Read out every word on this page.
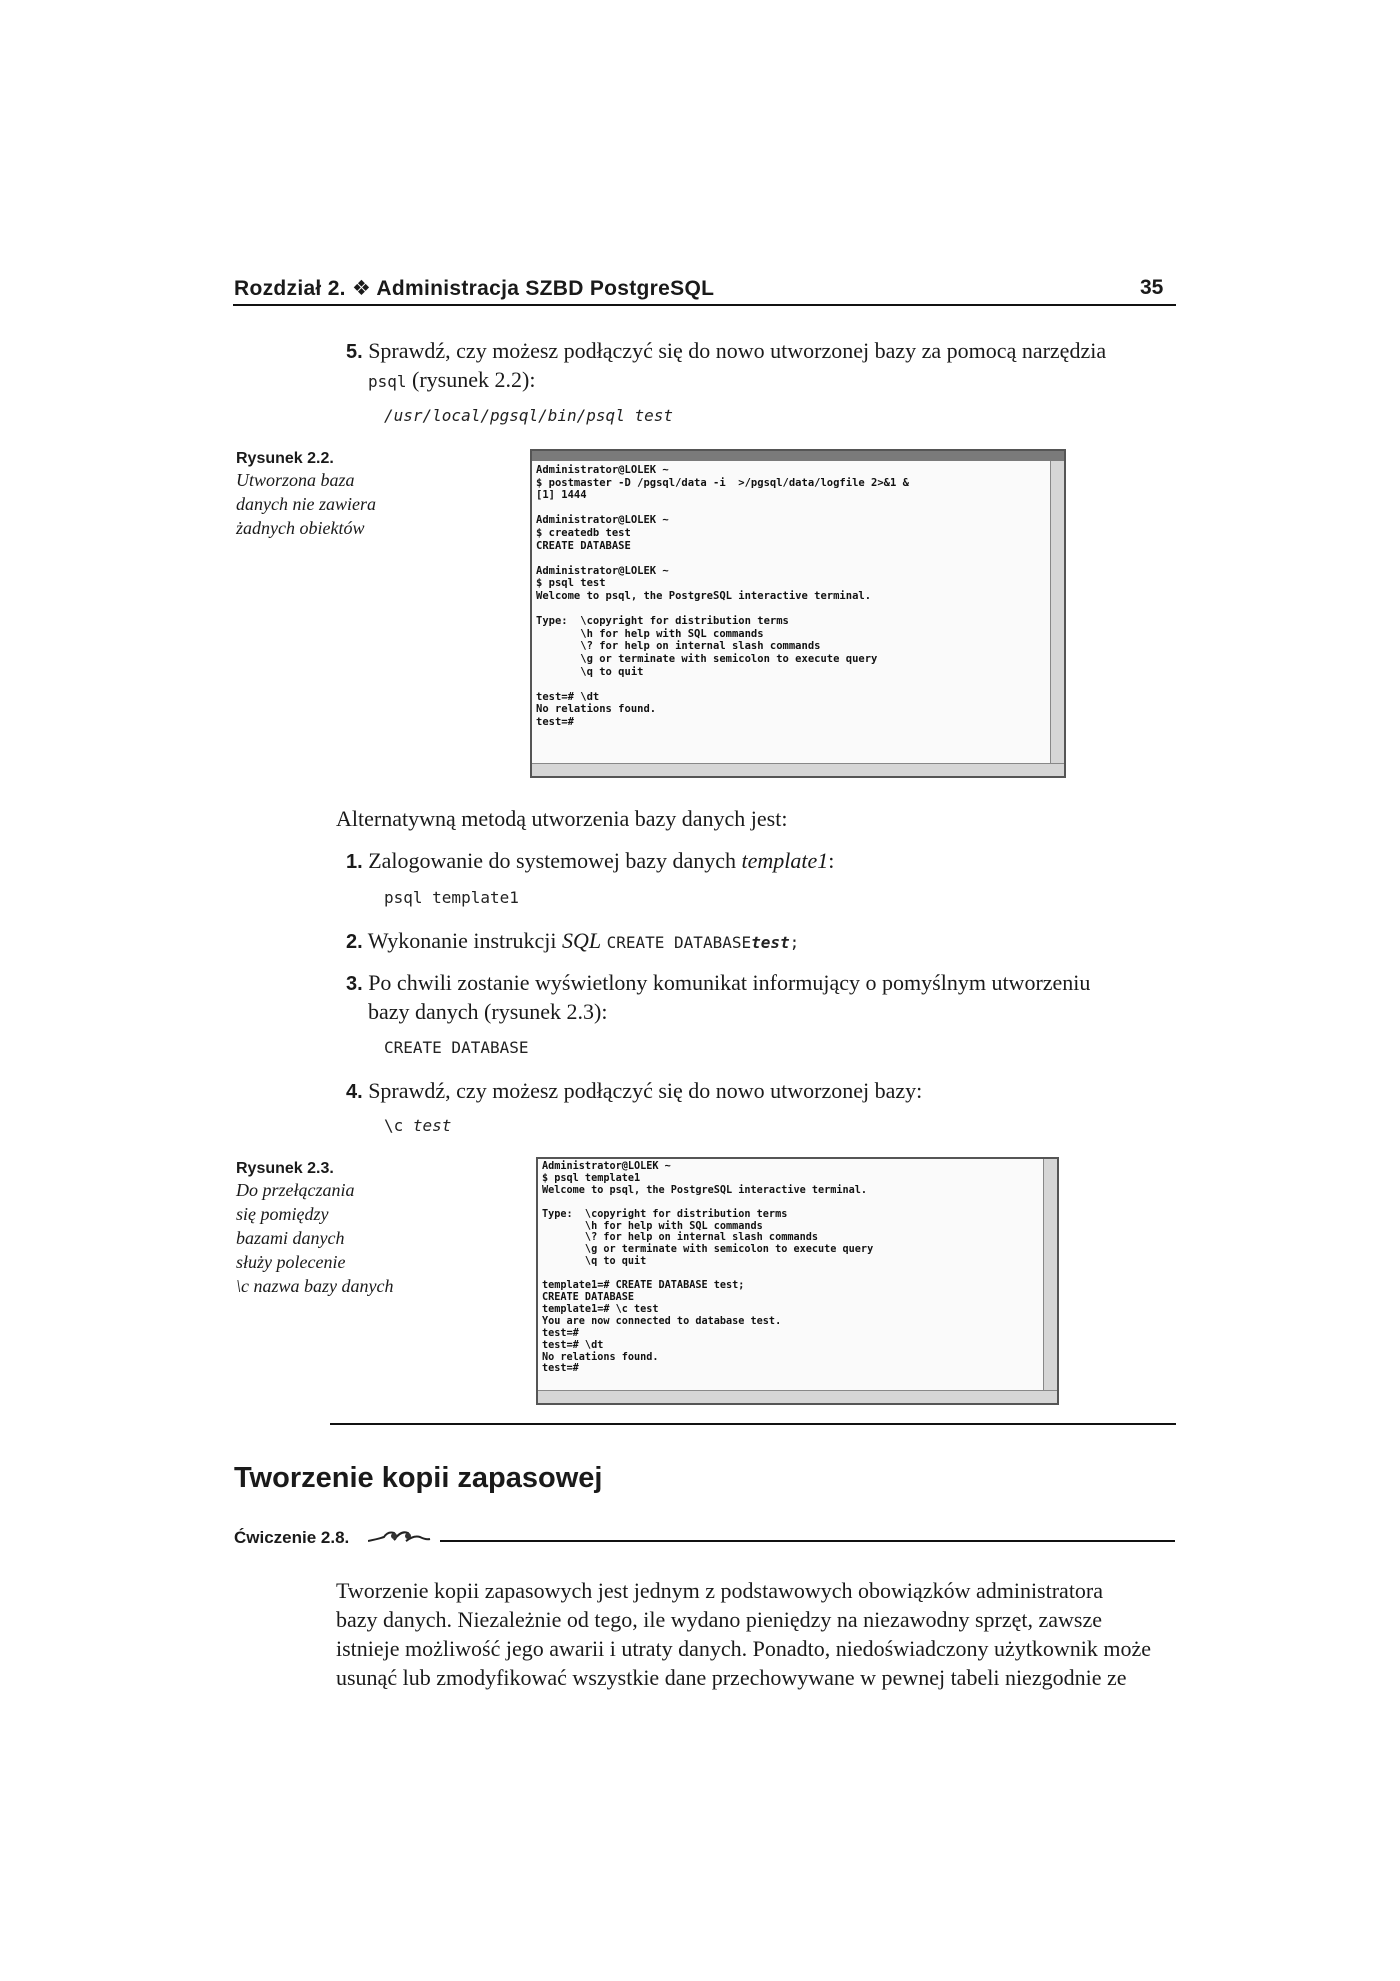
Rozdział 2. ❖ Administracja SZBD PostgreSQL	35
5. Sprawdź, czy możesz podłączyć się do nowo utworzonej bazy za pomocą narzędzia
psql (rysunek 2.2):
/usr/local/pgsql/bin/psql test
Rysunek 2.2.
Utworzona baza
danych nie zawiera
żadnych obiektów
Administrator@LOLEK ~
$ postmaster -D /pgsql/data -i  >/pgsql/data/logfile 2>&1 &
[1] 1444

Administrator@LOLEK ~
$ createdb test
CREATE DATABASE

Administrator@LOLEK ~
$ psql test
Welcome to psql, the PostgreSQL interactive terminal.

Type:  \copyright for distribution terms
\h for help with SQL commands
\? for help on internal slash commands
\g or terminate with semicolon to execute query
\q to quit

test=# \dt
No relations found.
test=#
Alternatywną metodą utworzenia bazy danych jest:
1. Zalogowanie do systemowej bazy danych template1:
psql template1
2. Wykonanie instrukcji SQL CREATE DATABASEtest;
3. Po chwili zostanie wyświetlony komunikat informujący o pomyślnym utworzeniu
bazy danych (rysunek 2.3):
CREATE DATABASE
4. Sprawdź, czy możesz podłączyć się do nowo utworzonej bazy:
\c test
Rysunek 2.3.
Do przełączania
się pomiędzy
bazami danych
służy polecenie
\c nazwa bazy danych
Administrator@LOLEK ~
$ psql template1
Welcome to psql, the PostgreSQL interactive terminal.

Type:  \copyright for distribution terms
\h for help with SQL commands
\? for help on internal slash commands
\g or terminate with semicolon to execute query
\q to quit

template1=# CREATE DATABASE test;
CREATE DATABASE
template1=# \c test
You are now connected to database test.
test=#
test=# \dt
No relations found.
test=#
Tworzenie kopii zapasowej
Ćwiczenie 2.8.
Tworzenie kopii zapasowych jest jednym z podstawowych obowiązków administratora
bazy danych. Niezależnie od tego, ile wydano pieniędzy na niezawodny sprzęt, zawsze
istnieje możliwość jego awarii i utraty danych. Ponadto, niedoświadczony użytkownik może
usunąć lub zmodyfikować wszystkie dane przechowywane w pewnej tabeli niezgodnie ze
